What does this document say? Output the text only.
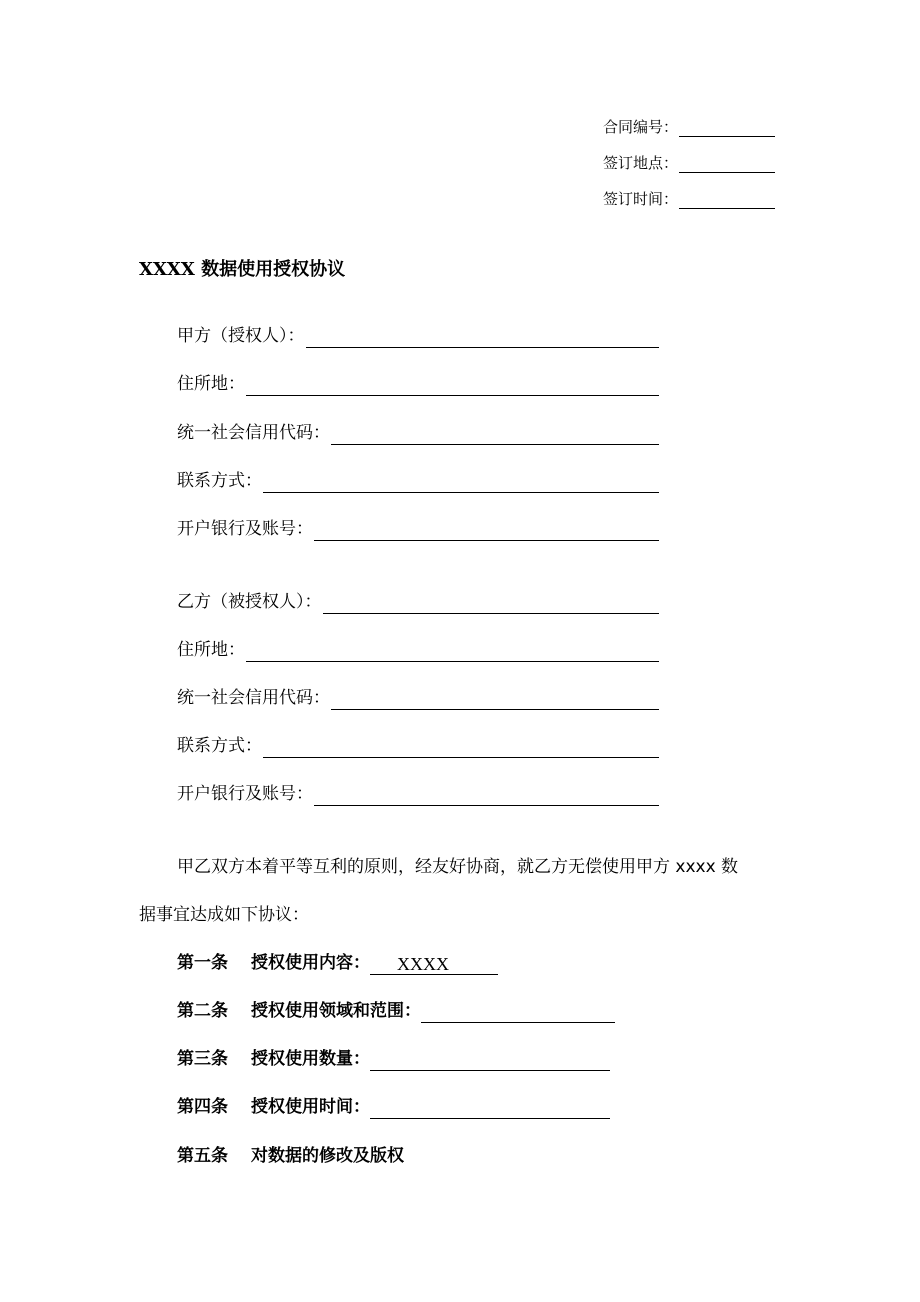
合同编号：
签订地点：
签订时间：
XXXX 数据使用授权协议
甲方（授权人）：
住所地：
统一社会信用代码：
联系方式：
开户银行及账号：
乙方（被授权人）：
住所地：
统一社会信用代码：
联系方式：
开户银行及账号：
甲乙双方本着平等互利的原则，经友好协商，就乙方无偿使用甲方 xxxx 数
据事宜达成如下协议：
第一条	授权使用内容：	XXXX
第二条	授权使用领域和范围：
第三条	授权使用数量：
第四条	授权使用时间：
第五条	对数据的修改及版权
